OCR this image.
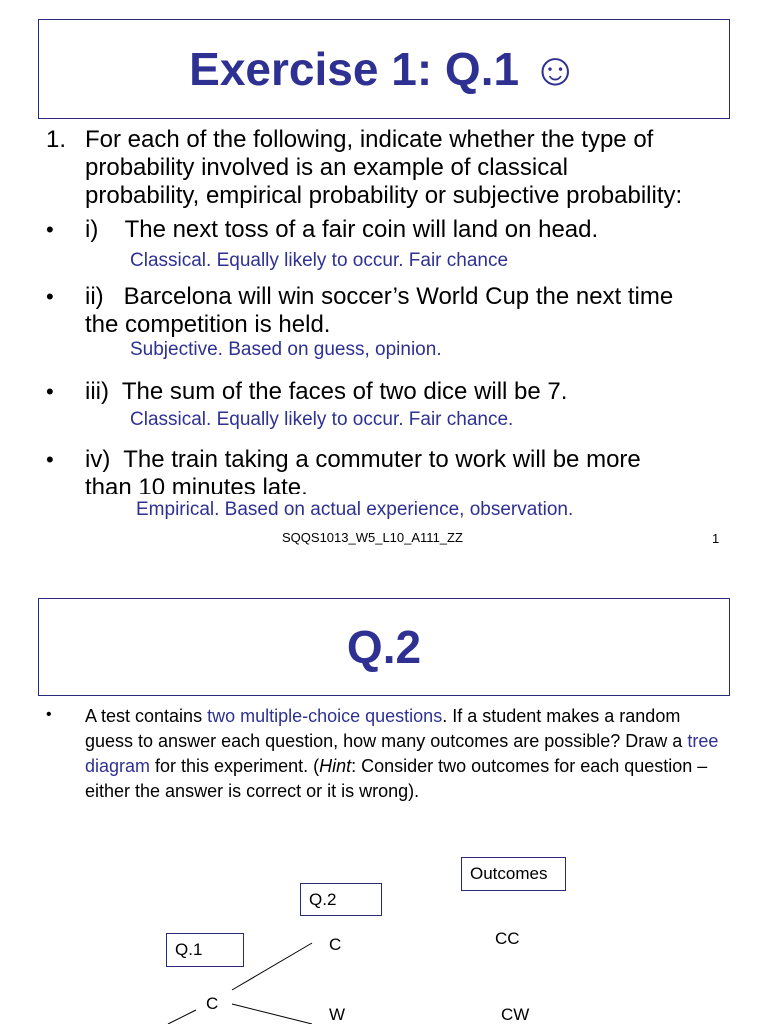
Exercise 1: Q.1 ☺
1. For each of the following, indicate whether the type of
probability involved is an example of classical
probability, empirical probability or subjective probability:
• i)    The next toss of a fair coin will land on head.
Classical. Equally likely to occur. Fair chance
• ii)   Barcelona will win soccer’s World Cup the next time
the competition is held.
Subjective. Based on guess, opinion.
• iii)  The sum of the faces of two dice will be 7.
Classical. Equally likely to occur. Fair chance.
• iv)  The train taking a commuter to work will be more
than 10 minutes late.
Empirical. Based on actual experience, observation.
SQQS1013_W5_L10_A111_ZZ	1
Q.2
• A test contains two multiple-choice questions. If a student makes a random guess to answer each question, how many outcomes are possible? Draw a tree diagram for this experiment. (Hint: Consider two outcomes for each question – either the answer is correct or it is wrong).
Outcomes
Q.2
Q.1	C
C
W
CC
CW
